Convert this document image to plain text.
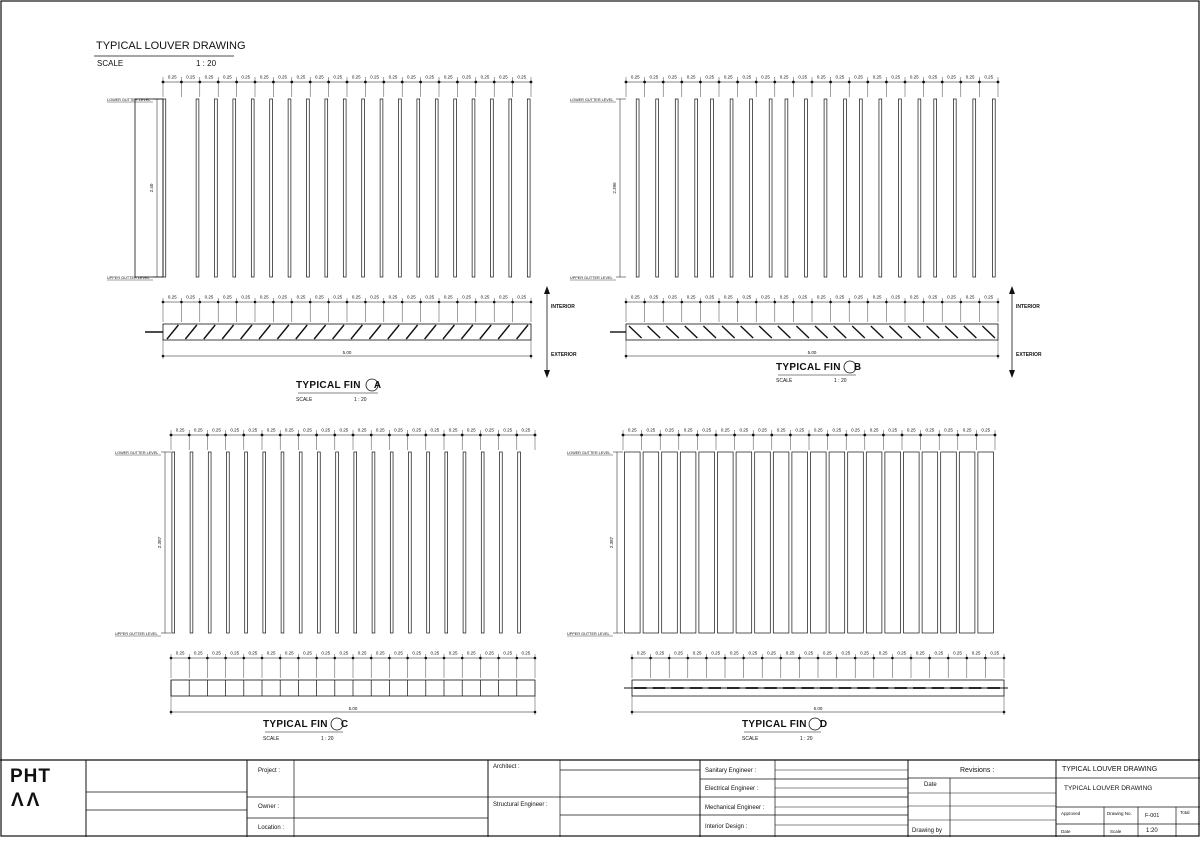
0.25 0.25 0.25 0.25 0.25 0.25 0.25 0.25 0.25 0.25 0.25 0.25 0.25 0.25 0.25 0.25 0.25 0.25 0.25 0.25
LOWER GUTTER LEVEL
UPPER GUTTER LEVEL
2.40
0.25 0.25 0.25 0.25 0.25 0.25 0.25 0.25 0.25 0.25 0.25 0.25 0.25 0.25 0.25 0.25 0.25 0.25 0.25 0.25
LOWER GUTTER LEVEL
UPPER GUTTER LEVEL
2.396
0.25 0.25 0.25 0.25 0.25 0.25 0.25 0.25 0.25 0.25 0.25 0.25 0.25 0.25 0.25 0.25 0.25 0.25 0.25 0.25
LOWER GUTTER LEVEL
UPPER GUTTER LEVEL
2.387
0.25 0.25 0.25 0.25 0.25 0.25 0.25 0.25 0.25 0.25 0.25 0.25 0.25 0.25 0.25 0.25 0.25 0.25 0.25 0.25
LOWER GUTTER LEVEL
UPPER GUTTER LEVEL
2.387
0.25 0.25 0.25 0.25 0.25 0.25 0.25 0.25 0.25 0.25 0.25 0.25 0.25 0.25 0.25 0.25 0.25 0.25 0.25 0.25
5.00
0.25 0.25 0.25 0.25 0.25 0.25 0.25 0.25 0.25 0.25 0.25 0.25 0.25 0.25 0.25 0.25 0.25 0.25 0.25 0.25
5.00
0.25 0.25 0.25 0.25 0.25 0.25 0.25 0.25 0.25 0.25 0.25 0.25 0.25 0.25 0.25 0.25 0.25 0.25 0.25 0.25
5.00
0.25 0.25 0.25 0.25 0.25 0.25 0.25 0.25 0.25 0.25 0.25 0.25 0.25 0.25 0.25 0.25 0.25 0.25 0.25 0.25
5.00
TYPICAL LOUVER DRAWING
SCALE	1 : 20
TYPICAL FIN A
SCALE	1 : 20
TYPICAL FIN B
SCALE	1 : 20
TYPICAL FIN C
SCALE	1 : 20
TYPICAL FIN D
SCALE	1 : 20
INTERIOR
EXTERIOR
INTERIOR
EXTERIOR
PHT
ΛΛ
Project :
Owner :
Location :
Architect :
Structural Engineer :
Sanitary Engineer :
Electrical Engineer :
Mechanical Engineer :
Interior Design :
Revisions :
Date
Drawing by
TYPICAL LOUVER DRAWING
TYPICAL LOUVER DRAWING
Approved	Drawing No. F-001
Total
Date	Scale	1:20
